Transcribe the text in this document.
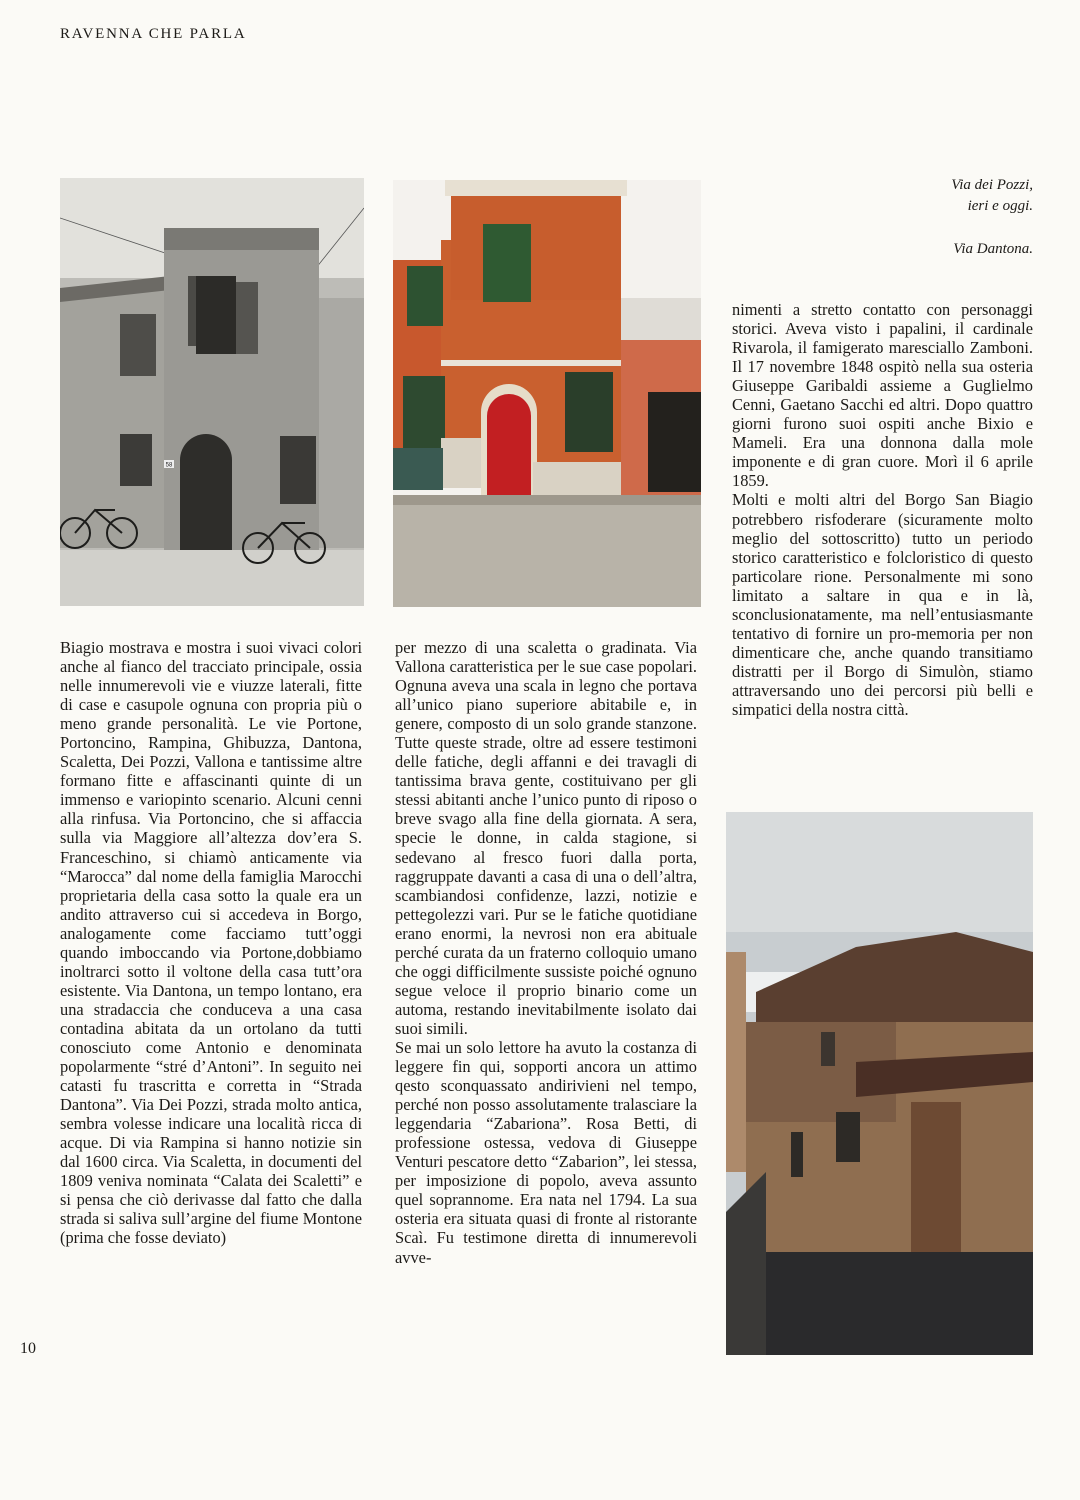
RAVENNA CHE PARLA
58

Via dei Pozzi,
ieri e oggi.

Via Dantona.

Biagio mostrava e mostra i suoi vivaci colori anche al fianco del tracciato principale, ossia nelle innumerevoli vie e viuzze laterali, fitte di case e casupole ognuna con propria più o meno grande personalità. Le vie Portone, Portoncino, Rampina, Ghibuzza, Dantona, Scaletta, Dei Pozzi, Vallona e tantissime altre formano fitte e affascinanti quinte di un immenso e variopinto scenario. Alcuni cenni alla rinfusa. Via Portoncino, che si affaccia sulla via Maggiore all’altezza dov’era S. Franceschino, si chiamò anticamente via “Marocca” dal nome della famiglia Marocchi proprietaria della casa sotto la quale era un andito attraverso cui si accedeva in Borgo, analogamente come facciamo tutt’oggi quando imboccando via Portone,dobbiamo inoltrarci sotto il voltone della casa tutt’ora esistente. Via Dantona, un tempo lontano, era una stradaccia che conduceva a una casa contadina abitata da un ortolano da tutti conosciuto come Antonio e denominata popolarmente “stré d’Antoni”. In seguito nei catasti fu trascritta e corretta in “Strada Dantona”. Via Dei Pozzi, strada molto antica, sembra volesse indicare una località ricca di acque. Di via Rampina si hanno notizie sin dal 1600 circa. Via Scaletta, in documenti del 1809 veniva nominata “Calata dei Scaletti” e si pensa che ciò derivasse dal fatto che dalla strada si saliva sull’argine del fiume Montone (prima che fosse deviato)

per mezzo di una scaletta o gradinata. Via Vallona caratteristica per le sue case popolari. Ognuna aveva una scala in legno che portava all’unico piano superiore abitabile e, in genere, composto di un solo grande stanzone. Tutte queste strade, oltre ad essere testimoni delle fatiche, degli affanni e dei travagli di tantissima brava gente, costituivano per gli stessi abitanti anche l’unico punto di riposo o breve svago alla fine della giornata. A sera, specie le donne, in calda stagione, si sedevano al fresco fuori dalla porta, raggruppate davanti a casa di una o dell’altra, scambiandosi confidenze, lazzi, notizie e pettegolezzi vari. Pur se le fatiche quotidiane erano enormi, la nevrosi non era abituale perché curata da un fraterno colloquio umano che oggi difficilmente sussiste poiché ognuno segue veloce il proprio binario come un automa, restando inevitabilmente isolato dai suoi simili.

Se mai un solo lettore ha avuto la costanza di leggere fin qui, sopporti ancora un attimo qesto sconquassato andirivieni nel tempo, perché non posso assolutamente tralasciare la leggendaria “Zabariona”. Rosa Betti, di professione ostessa, vedova di Giuseppe Venturi pescatore detto “Zabarion”, lei stessa, per imposizione di popolo, aveva assunto quel soprannome. Era nata nel 1794. La sua osteria era situata quasi di fronte al ristorante Scaì. Fu testimone diretta di innumerevoli avve-

nimenti a stretto contatto con personaggi storici. Aveva visto i papalini, il cardinale Rivarola, il famigerato maresciallo Zamboni. Il 17 novembre 1848 ospitò nella sua osteria Giuseppe Garibaldi assieme a Guglielmo Cenni, Gaetano Sacchi ed altri. Dopo quattro giorni furono suoi ospiti anche Bixio e Mameli. Era una donnona dalla mole imponente e di gran cuore. Morì il 6 aprile 1859.

Molti e molti altri del Borgo San Biagio potrebbero risfoderare (sicuramente molto meglio del sottoscritto) tutto un periodo storico caratteristico e folcloristico di questo particolare rione. Personalmente mi sono limitato a saltare in qua e in là, sconclusionatamente, ma nell’entusiasmante tentativo di fornire un pro-memoria per non dimenticare che, anche quando transitiamo distratti per il Borgo di Simulòn, stiamo attraversando uno dei percorsi più belli e simpatici della nostra città.

10
